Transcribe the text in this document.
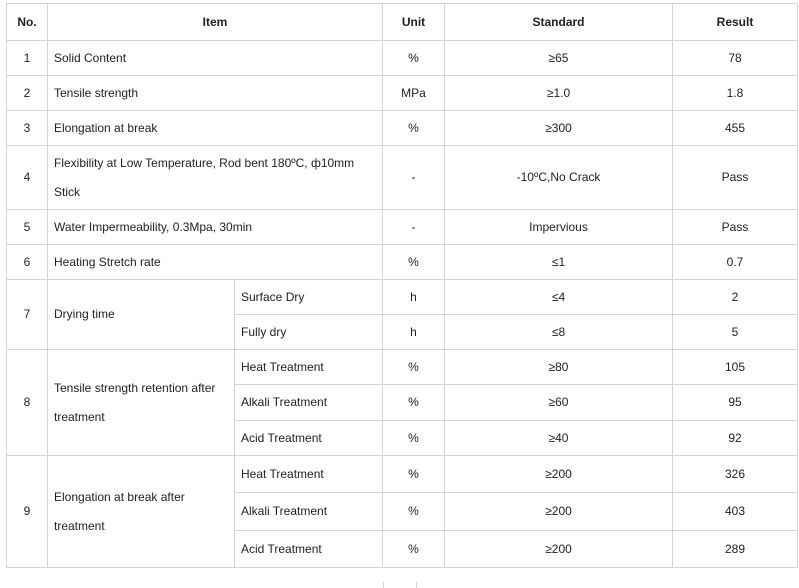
No.	Item		Unit	Standard	Result
1	Solid Content		%	≥65	78
2	Tensile strength		MPa	≥1.0	1.8
3	Elongation at break		%	≥300	455
4	Flexibility at Low Temperature, Rod bent 180ºC, ф10mm Stick		-	-10ºC,No Crack	Pass
5	Water Impermeability, 0.3Mpa, 30min		-	Impervious	Pass
6	Heating Stretch rate		%	≤1	0.7
7	Drying time	Surface Dry	h	≤4	2
		Fully dry	h	≤8	5
8	Tensile strength retention after treatment	Heat Treatment	%	≥80	105
		Alkali Treatment	%	≥60	95
		Acid Treatment	%	≥40	92
9	Elongation at break after treatment	Heat Treatment	%	≥200	326
		Alkali Treatment	%	≥200	403
		Acid Treatment	%	≥200	289
